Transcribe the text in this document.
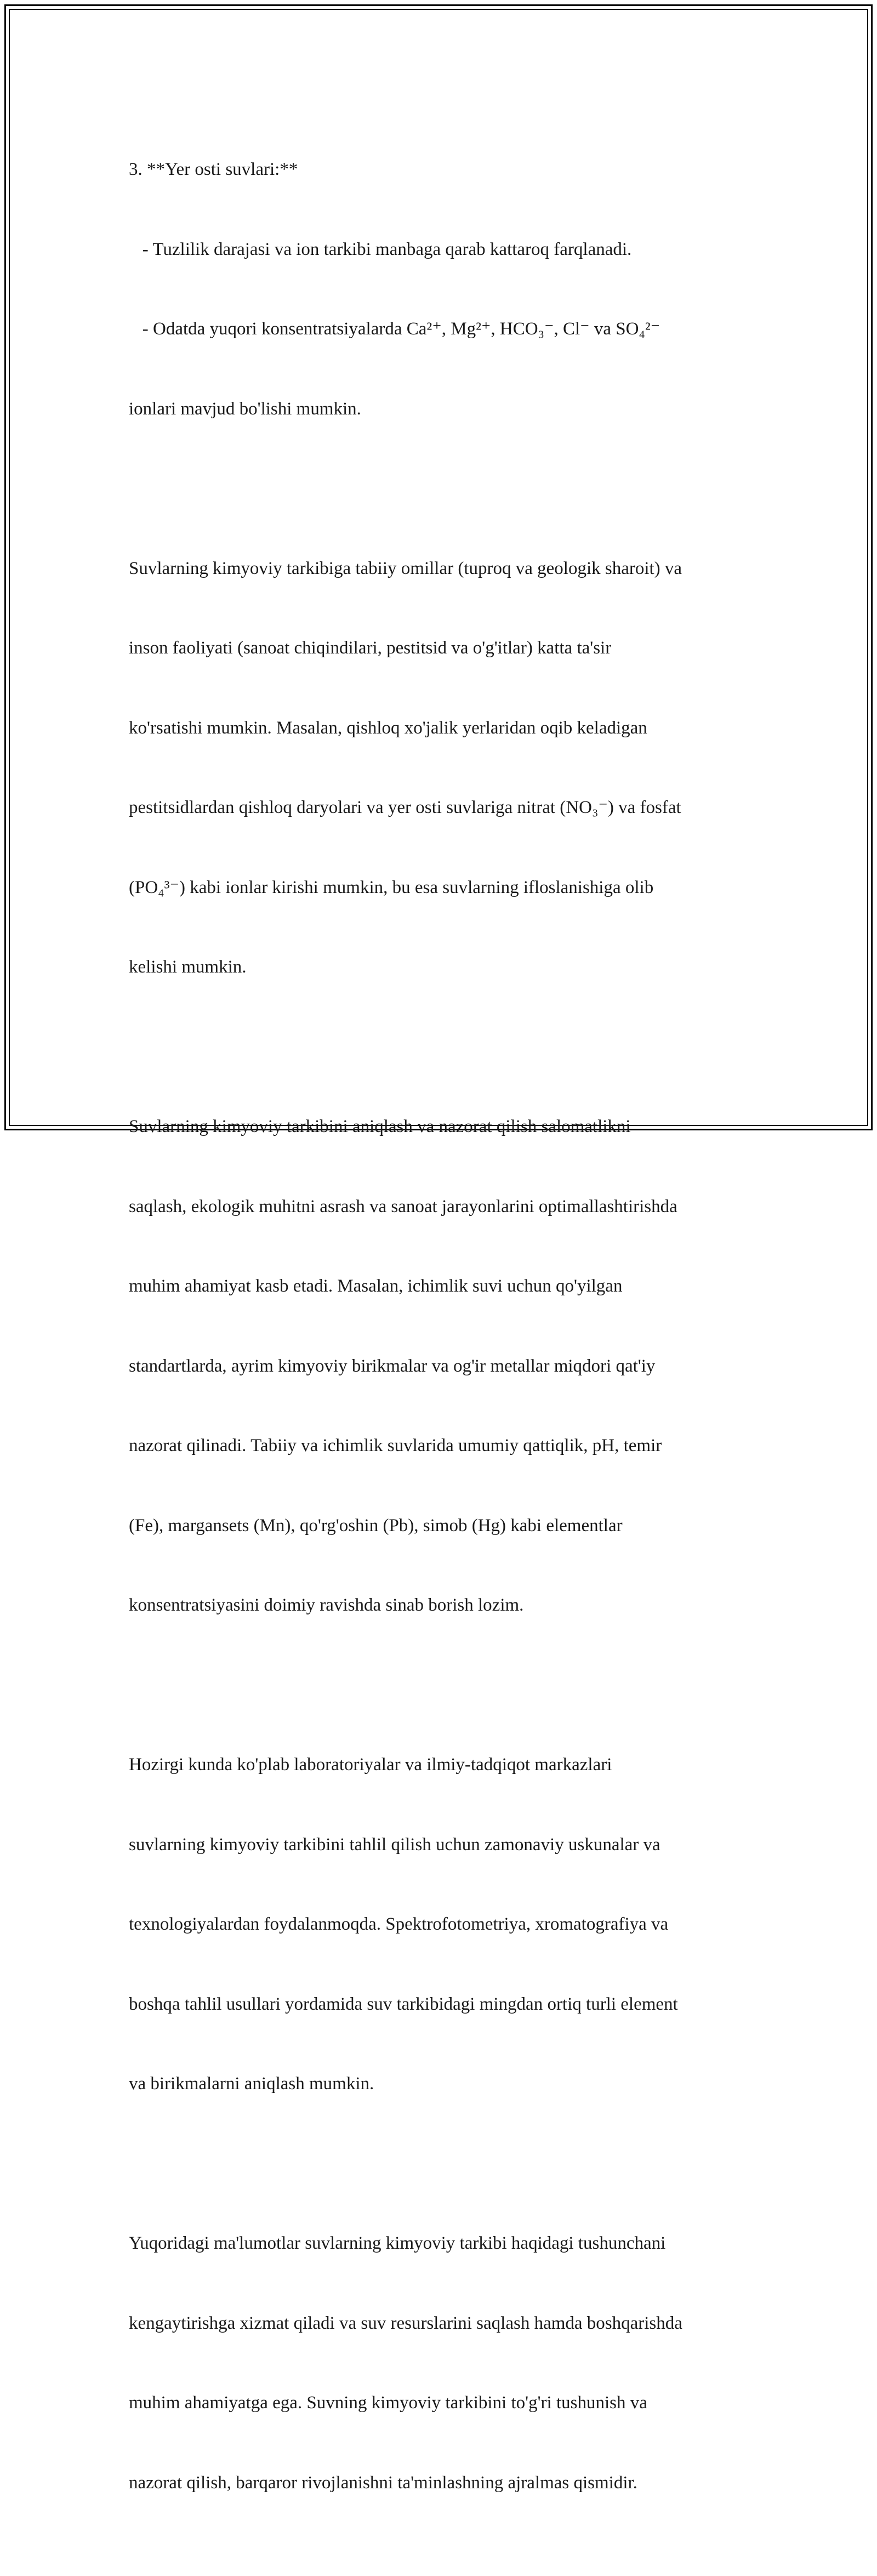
3. **Yer osti suvlari:**

- Tuzlilik darajasi va ion tarkibi manbaga qarab kattaroq farqlanadi.

- Odatda yuqori konsentratsiyalarda Ca²⁺, Mg²⁺, HCO₃⁻, Cl⁻ va SO₄²⁻

ionlari mavjud bo'lishi mumkin.

Suvlarning kimyoviy tarkibiga tabiiy omillar (tuproq va geologik sharoit) va

inson faoliyati (sanoat chiqindilari, pestitsid va o'g'itlar) katta ta'sir

ko'rsatishi mumkin. Masalan, qishloq xo'jalik yerlaridan oqib keladigan

pestitsidlardan qishloq daryolari va yer osti suvlariga nitrat (NO₃⁻) va fosfat

(PO₄³⁻) kabi ionlar kirishi mumkin, bu esa suvlarning ifloslanishiga olib

kelishi mumkin.

Suvlarning kimyoviy tarkibini aniqlash va nazorat qilish salomatlikni

saqlash, ekologik muhitni asrash va sanoat jarayonlarini optimallashtirishda

muhim ahamiyat kasb etadi. Masalan, ichimlik suvi uchun qo'yilgan

standartlarda, ayrim kimyoviy birikmalar va og'ir metallar miqdori qat'iy

nazorat qilinadi. Tabiiy va ichimlik suvlarida umumiy qattiqlik, pH, temir

(Fe), margansets (Mn), qo'rg'oshin (Pb), simob (Hg) kabi elementlar

konsentratsiyasini doimiy ravishda sinab borish lozim.

Hozirgi kunda ko'plab laboratoriyalar va ilmiy-tadqiqot markazlari

suvlarning kimyoviy tarkibini tahlil qilish uchun zamonaviy uskunalar va

texnologiyalardan foydalanmoqda. Spektrofotometriya, xromatografiya va

boshqa tahlil usullari yordamida suv tarkibidagi mingdan ortiq turli element

va birikmalarni aniqlash mumkin.

Yuqoridagi ma'lumotlar suvlarning kimyoviy tarkibi haqidagi tushunchani

kengaytirishga xizmat qiladi va suv resurslarini saqlash hamda boshqarishda

muhim ahamiyatga ega. Suvning kimyoviy tarkibini to'g'ri tushunish va

nazorat qilish, barqaror rivojlanishni ta'minlashning ajralmas qismidir.
